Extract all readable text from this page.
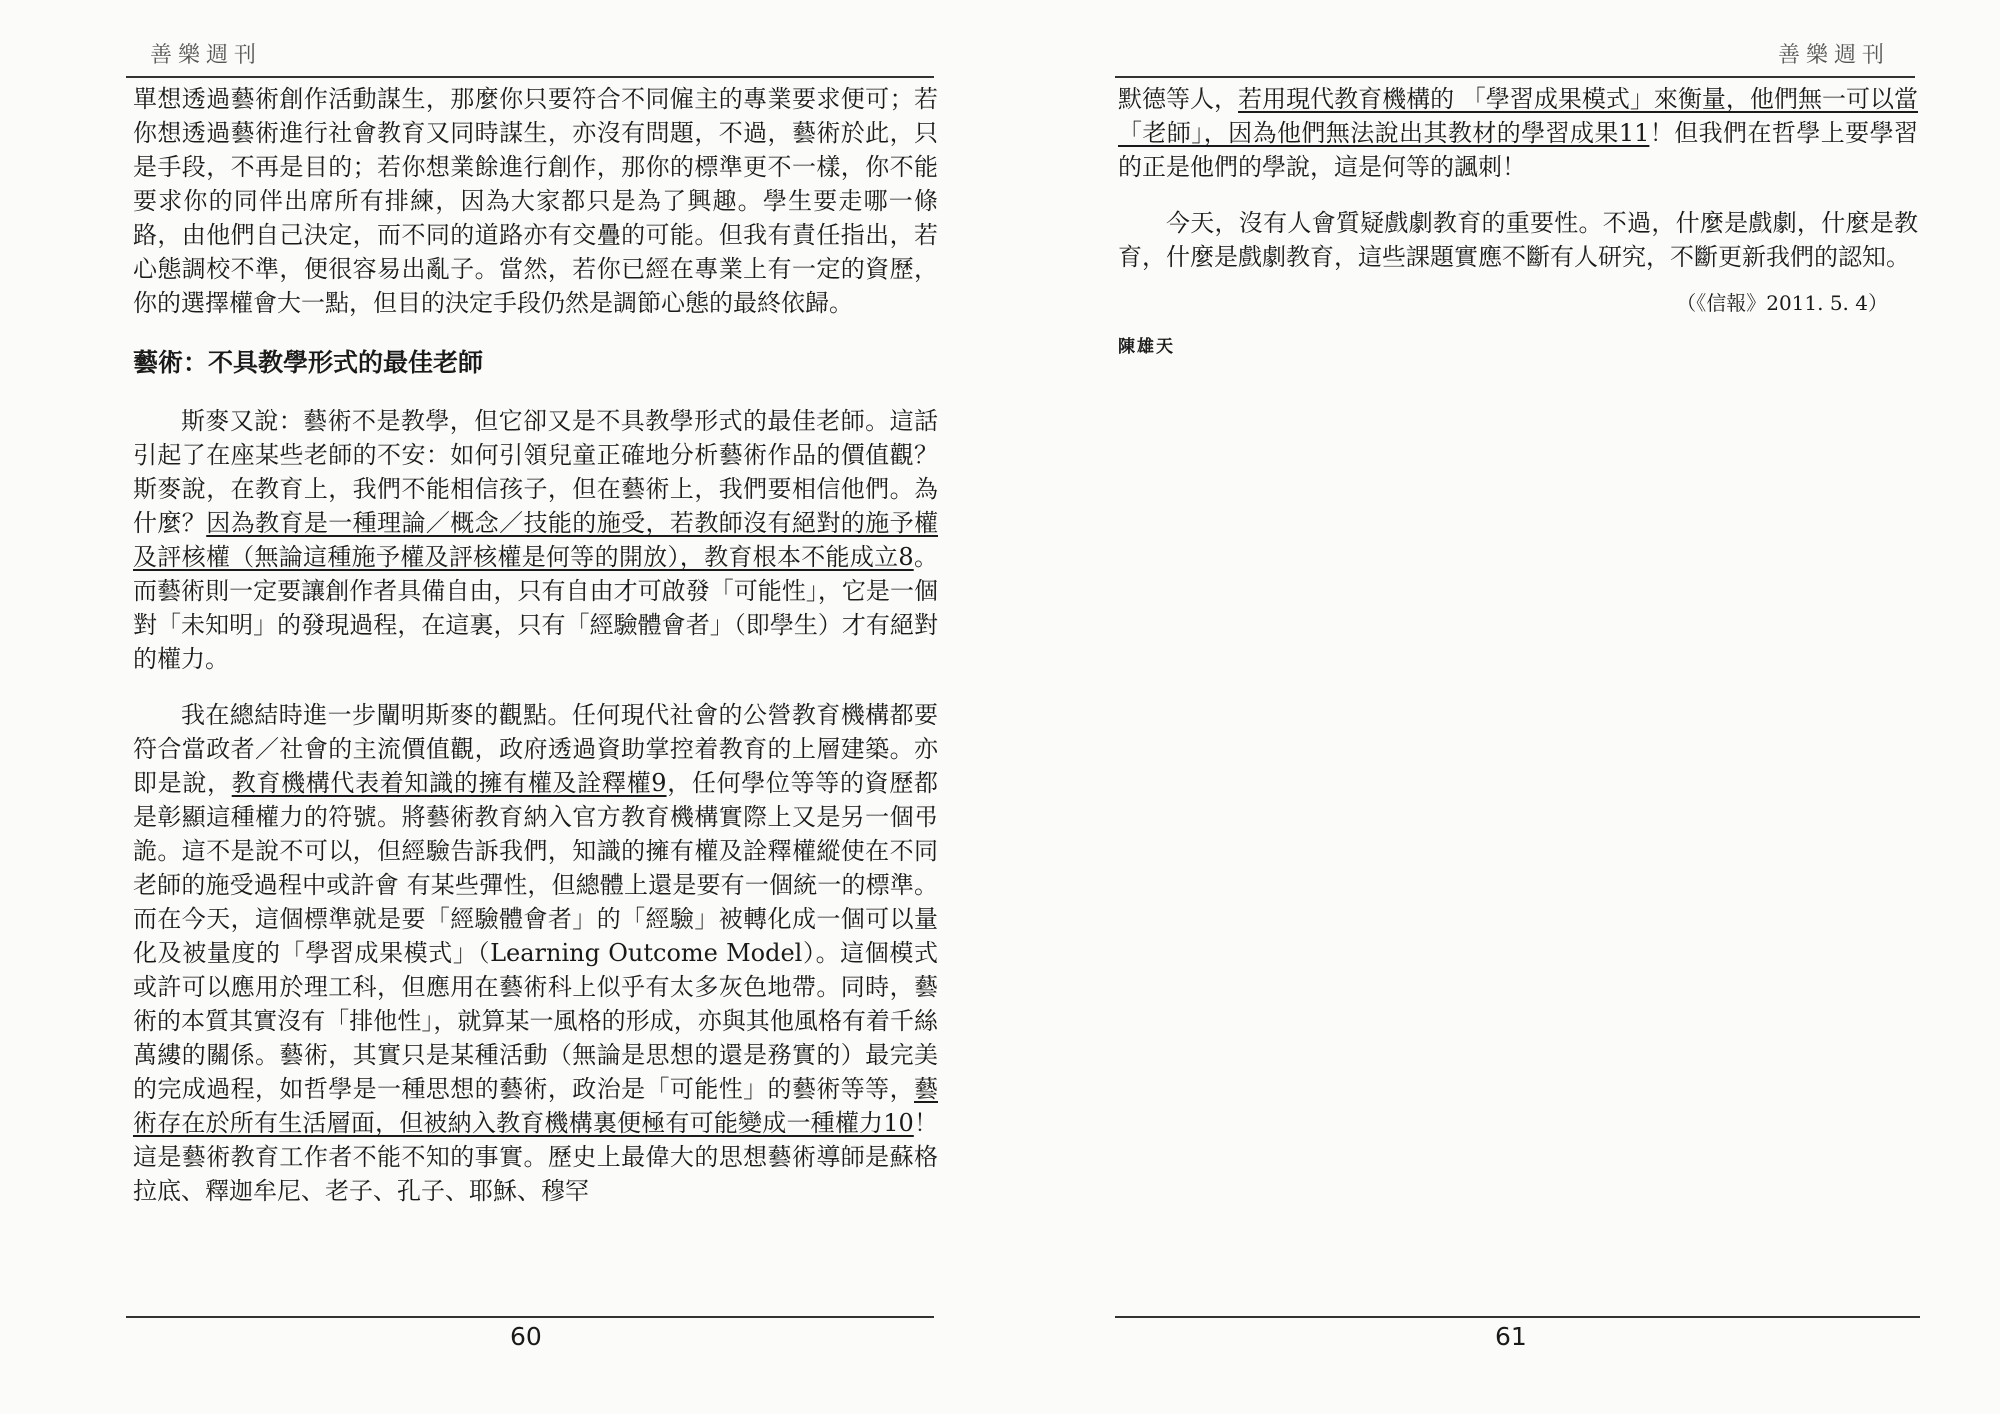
善樂週刊

單想透過藝術創作活動謀生，那麼你只要符合不同僱主的專業要求便可；若你想透過藝術進行社會教育又同時謀生，亦沒有問題，不過，藝術於此，只是手段，不再是目的；若你想業餘進行創作，那你的標準更不一樣，你不能要求你的同伴出席所有排練，因為大家都只是為了興趣。學生要走哪一條路，由他們自己決定，而不同的道路亦有交疊的可能。但我有責任指出，若心態調校不準，便很容易出亂子。當然，若你已經在專業上有一定的資歷，你的選擇權會大一點，但目的決定手段仍然是調節心態的最終依歸。

藝術：不具教學形式的最佳老師

斯麥又說：藝術不是教學，但它卻又是不具教學形式的最佳老師。這話引起了在座某些老師的不安：如何引領兒童正確地分析藝術作品的價值觀？斯麥說，在教育上，我們不能相信孩子，但在藝術上，我們要相信他們。為什麼？因為教育是一種理論／概念／技能的施受，若教師沒有絕對的施予權及評核權（無論這種施予權及評核權是何等的開放），教育根本不能成立8。而藝術則一定要讓創作者具備自由，只有自由才可啟發「可能性」，它是一個對「未知明」的發現過程，在這裏，只有「經驗體會者」（即學生）才有絕對的權力。

我在總結時進一步闡明斯麥的觀點。任何現代社會的公營教育機構都要符合當政者／社會的主流價值觀，政府透過資助掌控着教育的上層建築。亦即是說，教育機構代表着知識的擁有權及詮釋權9，任何學位等等的資歷都是彰顯這種權力的符號。將藝術教育納入官方教育機構實際上又是另一個弔詭。這不是說不可以，但經驗告訴我們，知識的擁有權及詮釋權縱使在不同老師的施受過程中或許會 有某些彈性，但總體上還是要有一個統一的標準。而在今天，這個標準就是要「經驗體會者」的「經驗」被轉化成一個可以量化及被量度的「學習成果模式」（Learning Outcome Model）。這個模式或許可以應用於理工科，但應用在藝術科上似乎有太多灰色地帶。同時，藝術的本質其實沒有「排他性」，就算某一風格的形成，亦與其他風格有着千絲萬縷的關係。藝術，其實只是某種活動（無論是思想的還是務實的）最完美的完成過程，如哲學是一種思想的藝術，政治是「可能性」的藝術等等，藝術存在於所有生活層面，但被納入教育機構裏便極有可能變成一種權力10！這是藝術教育工作者不能不知的事實。歷史上最偉大的思想藝術導師是蘇格拉底、釋迦牟尼、老子、孔子、耶穌、穆罕

60
善樂週刊

默德等人，若用現代教育機構的 「學習成果模式」來衡量，他們無一可以當「老師」，因為他們無法說出其教材的學習成果11！但我們在哲學上要學習的正是他們的學說，這是何等的諷刺！

今天，沒有人會質疑戲劇教育的重要性。不過，什麼是戲劇，什麼是教育，什麼是戲劇教育，這些課題實應不斷有人研究，不斷更新我們的認知。

（《信報》2011. 5. 4）
陳雄天
61
